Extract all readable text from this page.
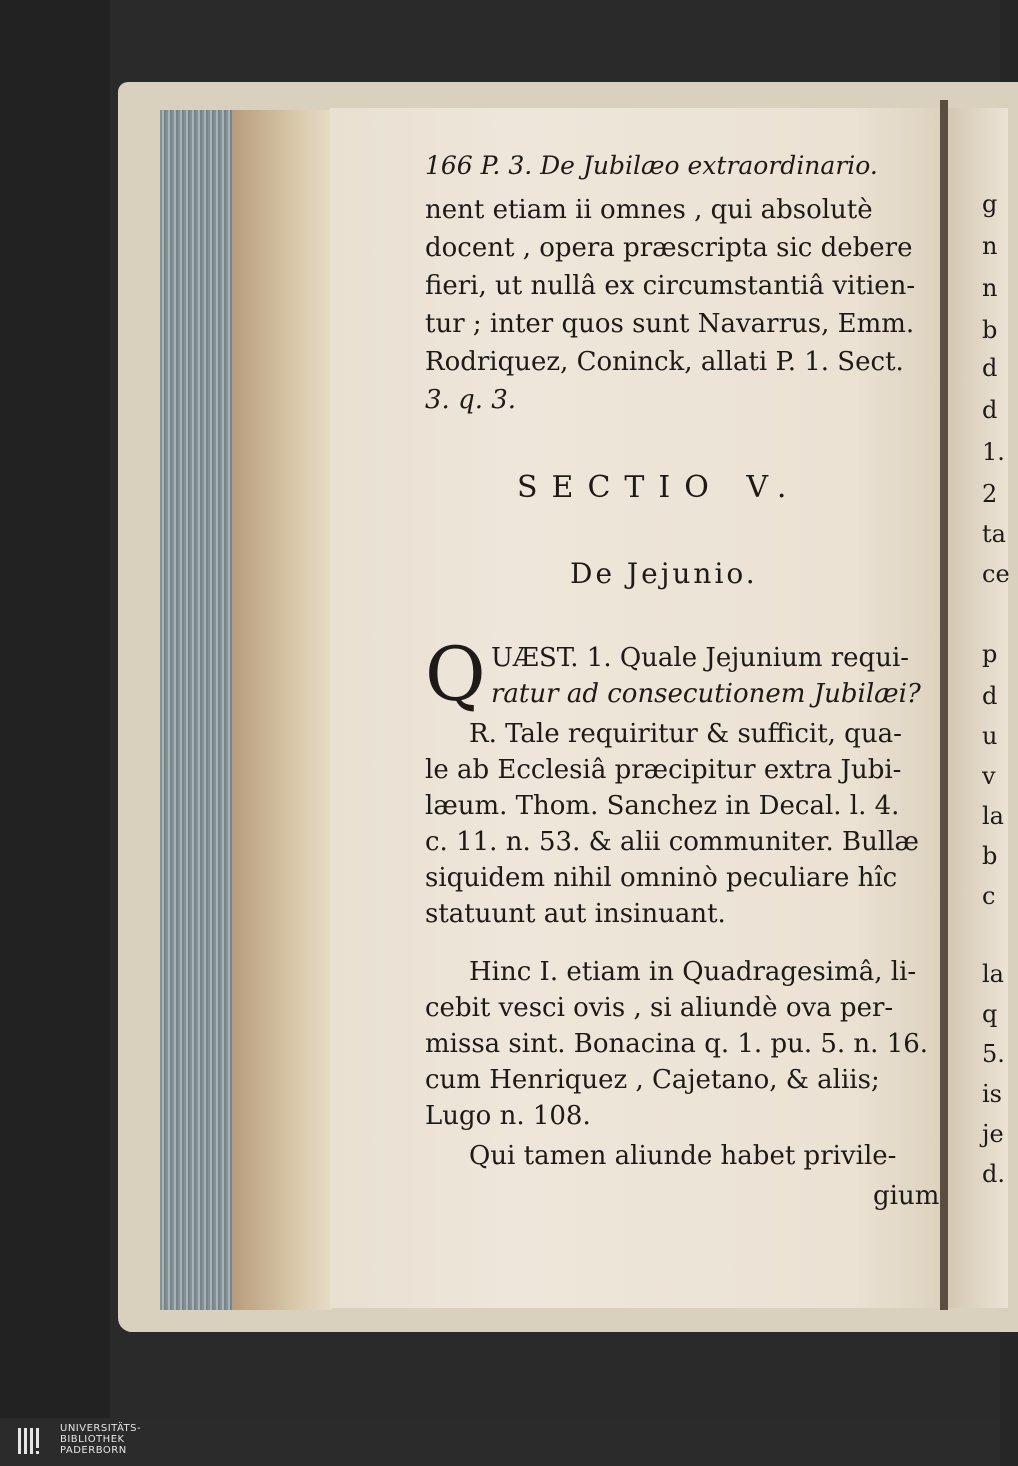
166 P. 3. De Jubilæo extraordinario.
nent etiam ii omnes , qui absolutè
docent , opera præscripta sic debere
fieri, ut nullâ ex circumstantiâ vitien-
tur ; inter quos sunt Navarrus, Emm.
Rodriquez, Coninck, allati P. 1. Sect.
3. q. 3.
SECTIO V.
De Jejunio.
Q UÆST. 1. Quale Jejunium requi-
ratur ad consecutionem Jubilæi?
R. Tale requiritur & sufficit, qua-
le ab Ecclesiâ præcipitur extra Jubi-
læum. Thom. Sanchez in Decal. l. 4.
c. 11. n. 53. & alii communiter. Bullæ
siquidem nihil omninò peculiare hîc
statuunt aut insinuant.
Hinc I. etiam in Quadragesimâ, li-
cebit vesci ovis , si aliundè ova per-
missa sint. Bonacina q. 1. pu. 5. n. 16.
cum Henriquez , Cajetano, & aliis;
Lugo n. 108.
Qui tamen aliunde habet privile-
gium
g
n
n
b
d
d
1.
2
ta
ce
p
d
u
v
la
b
c
la
q
5.
is
je
d.
UNIVERSITÄTS-
BIBLIOTHEK
PADERBORN
